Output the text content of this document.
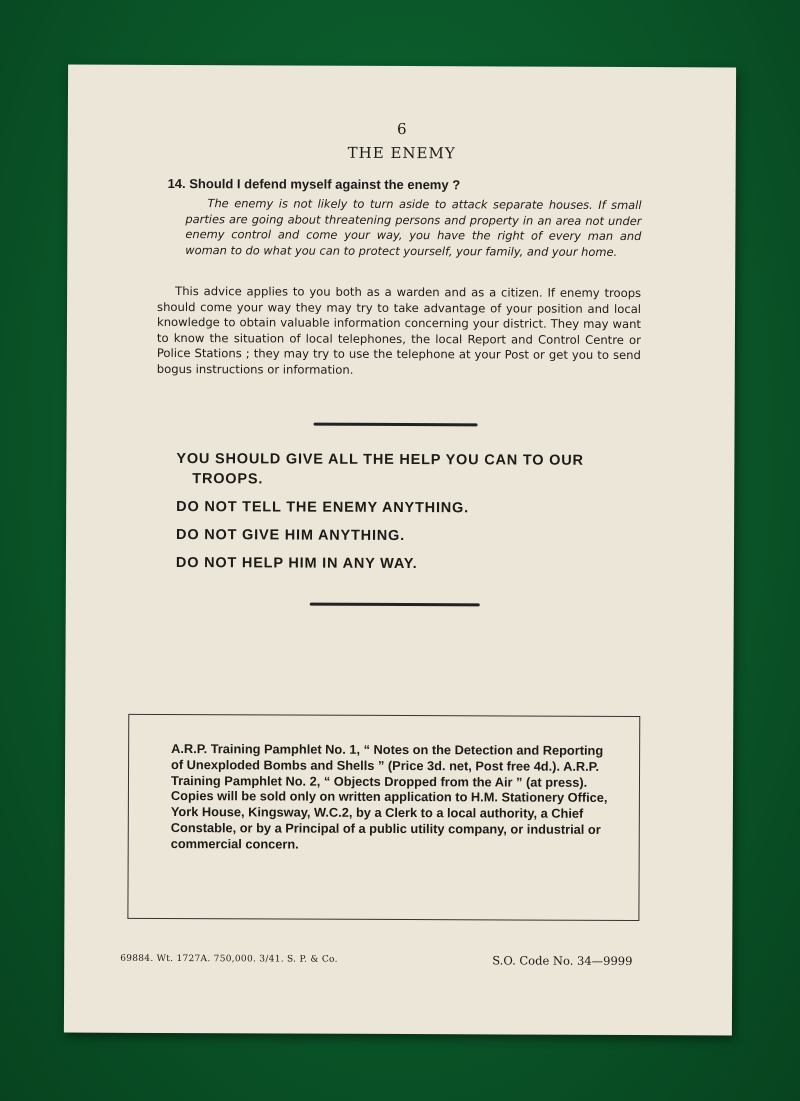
6
THE ENEMY
14. Should I defend myself against the enemy ?
The enemy is not likely to turn aside to attack separate houses. If small parties are going about threatening persons and property in an area not under enemy control and come your way, you have the right of every man and woman to do what you can to protect yourself, your family, and your home.
This advice applies to you both as a warden and as a citizen. If enemy troops should come your way they may try to take advantage of your position and local knowledge to obtain valuable information concerning your district. They may want to know the situation of local telephones, the local Report and Control Centre or Police Stations ; they may try to use the telephone at your Post or get you to send bogus instructions or information.
YOU SHOULD GIVE ALL THE HELP YOU CAN TO OUR
TROOPS.
DO NOT TELL THE ENEMY ANYTHING.
DO NOT GIVE HIM ANYTHING.
DO NOT HELP HIM IN ANY WAY.
A.R.P. Training Pamphlet No. 1, “ Notes on the Detection and Reporting of Unexploded Bombs and Shells ” (Price 3d. net, Post free 4d.). A.R.P. Training Pamphlet No. 2, “ Objects Dropped from the Air ” (at press). Copies will be sold only on written application to H.M. Stationery Office, York House, Kingsway, W.C.2, by a Clerk to a local authority, a Chief Constable, or by a Principal of a public utility company, or industrial or commercial concern.
69884. Wt. 1727A. 750,000. 3/41. S. P. & Co.	S.O. Code No. 34—9999
